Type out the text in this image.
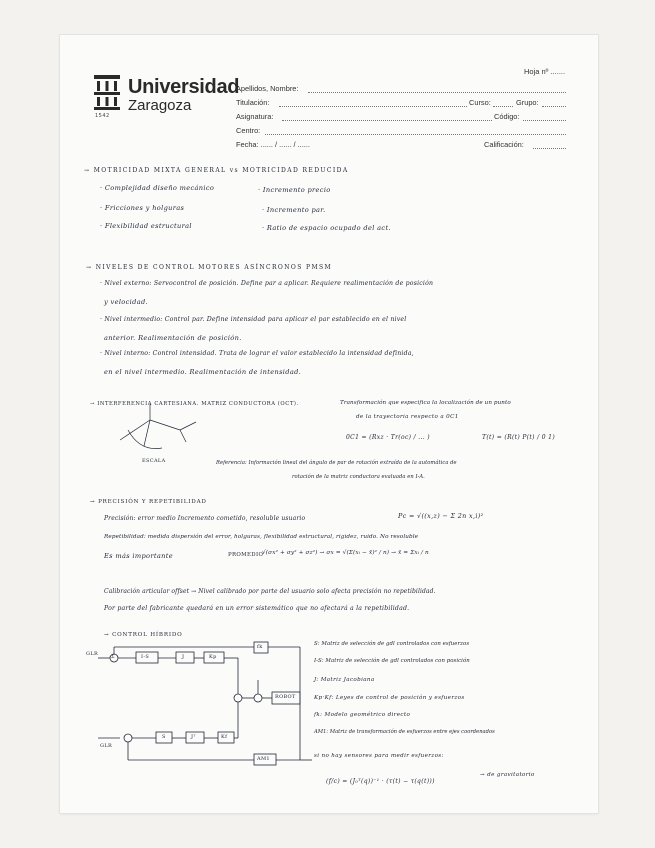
1542
Universidad
Zaragoza
Hoja nº .......
Apellidos, Nombre:
Titulación:	Curso:	Grupo:
Asignatura:	Código:
Centro:
Fecha: ...... / ...... / ......	Calificación:
→ MOTRICIDAD MIXTA GENERAL vs MOTRICIDAD REDUCIDA
· Complejidad diseño mecánico	· Incremento precio
· Fricciones y holguras	· Incremento par.
· Flexibilidad estructural	· Ratio de espacio ocupado del act.
→ NIVELES DE CONTROL MOTORES ASÍNCRONOS PMSM
· Nivel externo: Servocontrol de posición. Define par a aplicar. Requiere realimentación de posición
y velocidad.
· Nivel intermedio: Control par. Define intensidad para aplicar el par establecido en el nivel
anterior. Realimentación de posición.
· Nivel interno: Control intensidad. Trata de lograr el valor establecido la intensidad definida,
en el nivel intermedio. Realimentación de intensidad.
→ INTERFERENCIA CARTESIANA. MATRIZ CONDUCTORA (OCT).	Transformación que especifica la localización de un punto
de la trayectoria respecto a 0C1
0C1 = (Rxz · Tr(oc) / ... )	T(t) = (R(t) P(t) / 0 1)
ESCALA	Referencia: Información lineal del ángulo de par de rotación extraída de la automática de
rotación de la matriz conductora evaluada en I-A.
→ PRECISIÓN Y REPETIBILIDAD
Precisión: error medio Incremento cometido, resoluble usuario	Pc = √((x,z) − Σ 2n x,i)²
Repetibilidad: medida dispersión del error, holguras, flexibilidad estructural, rigidez, ruido. No resoluble
Es más importante	PROMEDIO
√(σx² + σy² + σz²) → σx = √(Σ(xᵢ − x̄)² / n) → x̄ = Σxᵢ / n
Calibración articular offset → Nivel calibrado por parte del usuario solo afecta precisión no repetibilidad.
Por parte del fabricante quedará en un error sistemático que no afectará a la repetibilidad.
→ CONTROL HÍBRIDO
S: Matriz de selección de gdl controlados con esfuerzos
I-S: Matriz de selección de gdl controlados con posición
J: Matriz Jacobiana
Kp·Kf: Leyes de control de posición y esfuerzos
fk: Modelo geométrico directo
AM1: Matriz de transformación de esfuerzos entre ejes coordenados
si no hay sensores para medir esfuerzos:
(f/c) = (J₀ᵀ(q))⁻¹ · (τ(t) − τ(q(t)))
→ de gravitatorio
GLR
GLR
I-S	J	Kp
fk
ROBOT
S	Jᵀ	Kf
AM1
Σ
